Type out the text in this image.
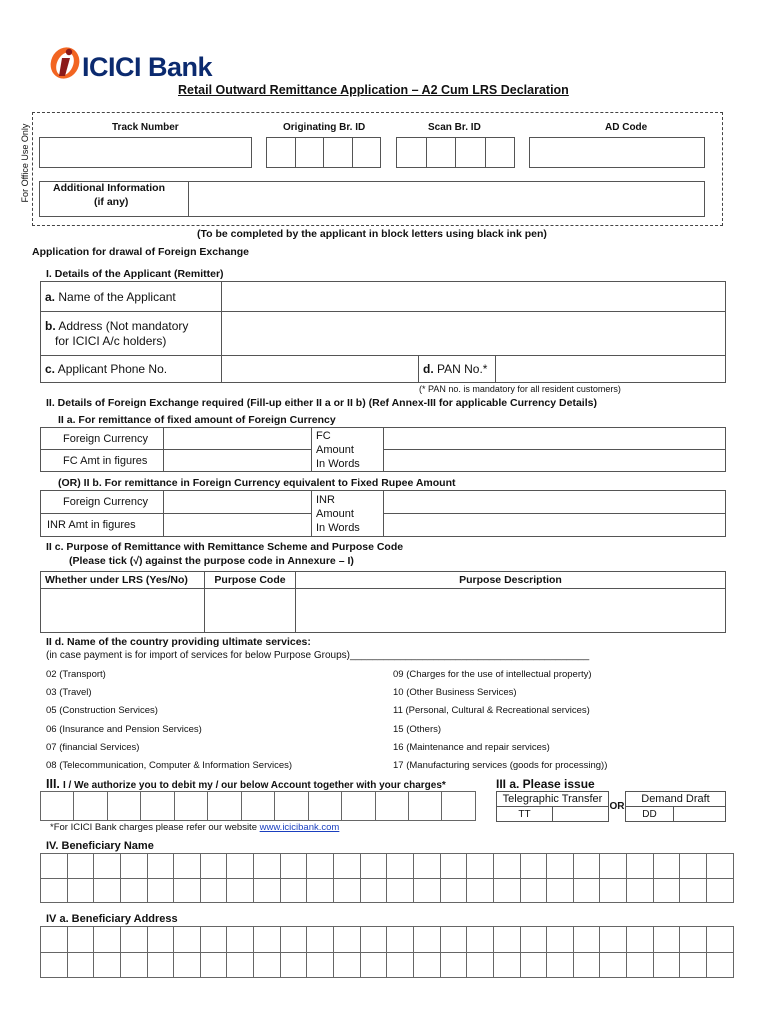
ICICI Bank
Retail Outward Remittance Application – A2 Cum LRS Declaration
For Office Use Only	Track Number	Originating Br. ID	Scan Br. ID	AD Code
Additional Information
(if any)
(To be completed by the applicant in block letters using black ink pen)
Application for drawal of Foreign Exchange
I. Details of the Applicant (Remitter)
a. Name of the Applicant			
b. Address (Not mandatory
for ICICI A/c holders)			
c. Applicant Phone No.		d. PAN No.*	
(* PAN no. is mandatory for all resident customers)
II. Details of Foreign Exchange required (Fill-up either II a or II b) (Ref Annex-III for applicable Currency Details)
II a. For remittance of fixed amount of Foreign Currency
Foreign Currency		FC
Amount
In Words	
FC Amt in figures			
(OR) II b. For remittance in Foreign Currency equivalent to Fixed Rupee Amount
Foreign Currency		INR
Amount
In Words	
INR Amt in figures			
II c. Purpose of Remittance with Remittance Scheme and Purpose Code
(Please tick (√) against the purpose code in Annexure – I)
Whether under LRS (Yes/No)	Purpose Code	Purpose Description

II d. Name of the country providing ultimate services:
(in case payment is for import of services for below Purpose Groups)___________________________________________
02 (Transport)
03 (Travel)
05 (Construction Services)
06 (Insurance and Pension Services)
07 (financial Services)
08 (Telecommunication, Computer & Information Services)
09 (Charges for the use of intellectual property)
10 (Other Business Services)
11 (Personal, Cultural & Recreational services)
15 (Others)
16 (Maintenance and repair services)
17 (Manufacturing services (goods for processing))
III. I / We authorize you to debit my / our below Account together with your charges*	III a. Please issue

Telegraphic Transfer		OR	Demand Draft	
TT			DD	
*For ICICI Bank charges please refer our website www.icicibank.com
IV. Beneficiary Name

IV a. Beneficiary Address
